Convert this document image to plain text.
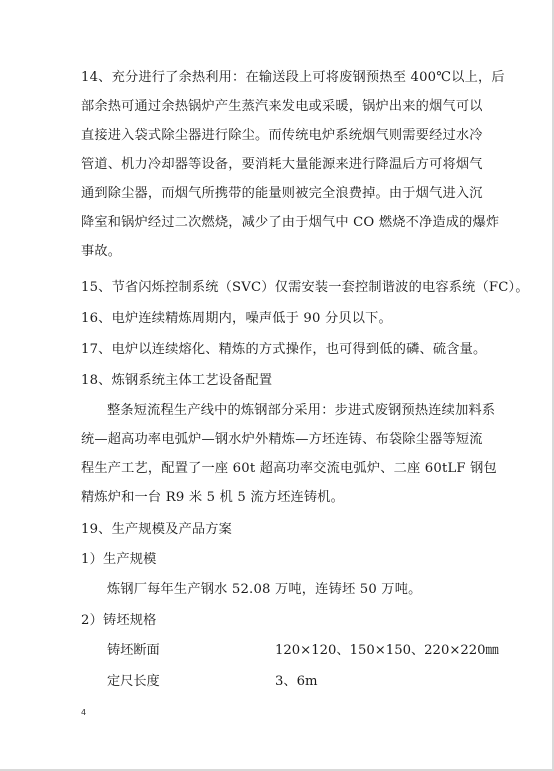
14、充分进行了余热利用：在输送段上可将废钢预热至 400℃以上，后
部余热可通过余热锅炉产生蒸汽来发电或采暖，锅炉出来的烟气可以
直接进入袋式除尘器进行除尘。而传统电炉系统烟气则需要经过水冷
管道、机力冷却器等设备，要消耗大量能源来进行降温后方可将烟气
通到除尘器，而烟气所携带的能量则被完全浪费掉。由于烟气进入沉
降室和锅炉经过二次燃烧，减少了由于烟气中 CO 燃烧不净造成的爆炸
事故。
15、节省闪烁控制系统（SVC）仅需安装一套控制谐波的电容系统（FC）。
16、电炉连续精炼周期内，噪声低于 90 分贝以下。
17、电炉以连续熔化、精炼的方式操作，也可得到低的磷、硫含量。
18、炼钢系统主体工艺设备配置
整条短流程生产线中的炼钢部分采用：步进式废钢预热连续加料系
统—超高功率电弧炉—钢水炉外精炼—方坯连铸、布袋除尘器等短流
程生产工艺，配置了一座 60t 超高功率交流电弧炉、二座 60tLF 钢包
精炼炉和一台 R9 米 5 机 5 流方坯连铸机。
19、生产规模及产品方案
1）生产规模
炼钢厂每年生产钢水 52.08 万吨，连铸坯 50 万吨。
2）铸坯规格
铸坯断面	120×120、150×150、220×220㎜
定尺长度	3、6m
4
